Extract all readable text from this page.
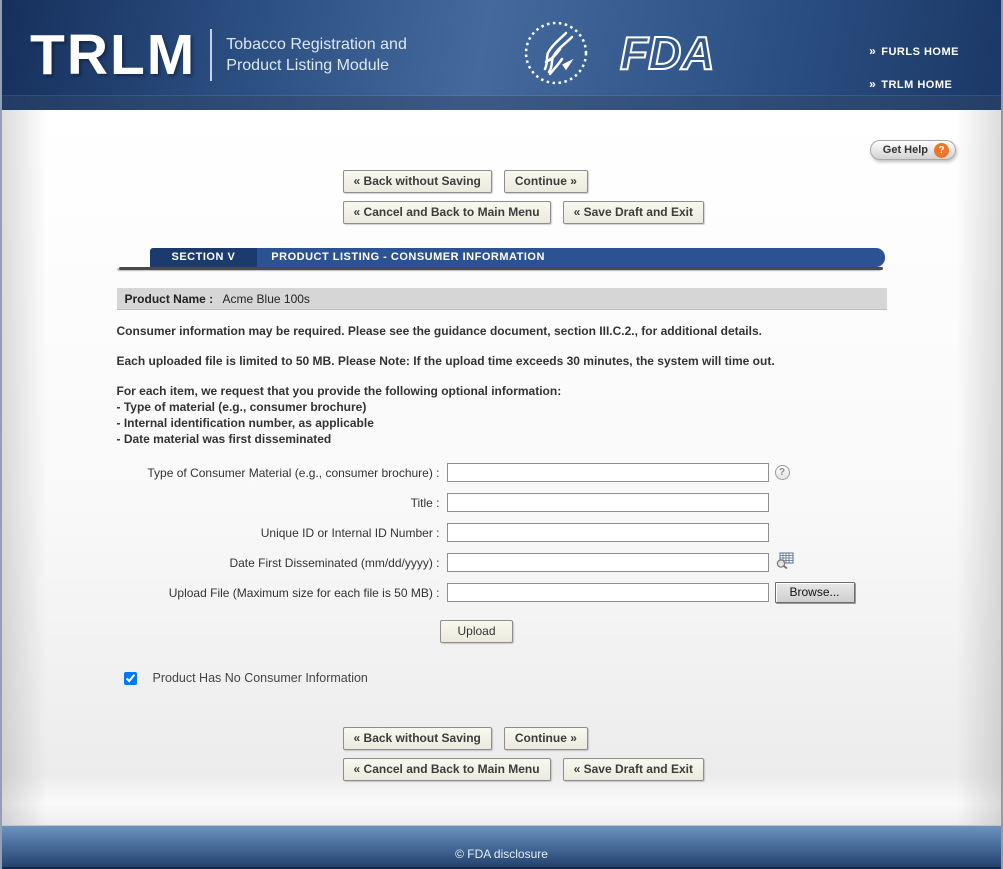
TRLM Tobacco Registration and
Product Listing Module	FDA	» FURLS HOME
» TRLM HOME
Get Help	?
« Back without Saving	Continue »
« Cancel and Back to Main Menu	« Save Draft and Exit
SECTION V	PRODUCT LISTING - CONSUMER INFORMATION
Product Name : Acme Blue 100s

Consumer information may be required. Please see the guidance document, section III.C.2., for additional details.

Each uploaded file is limited to 50 MB. Please Note: If the upload time exceeds 30 minutes, the system will time out.

For each item, we request that you provide the following optional information:

- Type of material (e.g., consumer brochure)
- Internal identification number, as applicable
- Date material was first disseminated
Type of Consumer Material (e.g., consumer brochure) :	?
Title :
Unique ID or Internal ID Number :
Date First Disseminated (mm/dd/yyyy) :
Upload File (Maximum size for each file is 50 MB) :	Browse...
Upload
Product Has No Consumer Information
« Back without Saving	Continue »
« Cancel and Back to Main Menu	« Save Draft and Exit
© FDA disclosure
